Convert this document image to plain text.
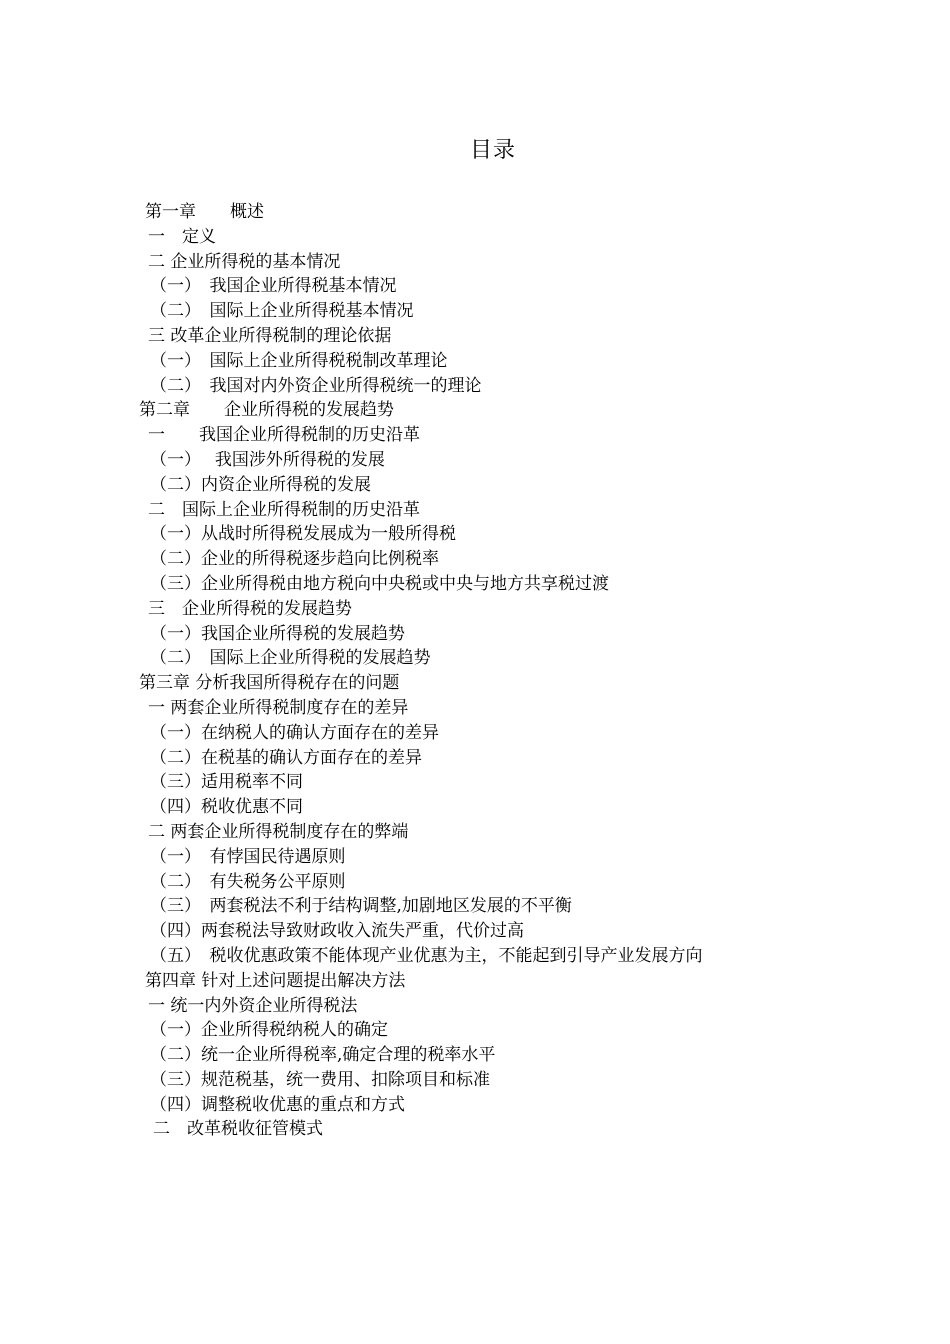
目录
第一章　　概述
一　定义
二 企业所得税的基本情况
（一）　我国企业所得税基本情况
（二）　国际上企业所得税基本情况
三 改革企业所得税制的理论依据
（一）　国际上企业所得税税制改革理论
（二）　我国对内外资企业所得税统一的理论
第二章　　企业所得税的发展趋势
一　　我国企业所得税制的历史沿革
（一）　 我国涉外所得税的发展
（二）内资企业所得税的发展
二　国际上企业所得税制的历史沿革
（一）从战时所得税发展成为一般所得税
（二）企业的所得税逐步趋向比例税率
（三）企业所得税由地方税向中央税或中央与地方共享税过渡
三　企业所得税的发展趋势
（一）我国企业所得税的发展趋势
（二）　国际上企业所得税的发展趋势
第三章 分析我国所得税存在的问题
一 两套企业所得税制度存在的差异
（一）在纳税人的确认方面存在的差异
（二）在税基的确认方面存在的差异
（三）适用税率不同
（四）税收优惠不同
二 两套企业所得税制度存在的弊端
（一）　有悖国民待遇原则
（二）　有失税务公平原则
（三）　两套税法不利于结构调整,加剧地区发展的不平衡
（四）两套税法导致财政收入流失严重，代价过高
（五）　税收优惠政策不能体现产业优惠为主，不能起到引导产业发展方向
第四章 针对上述问题提出解决方法
一 统一内外资企业所得税法
（一）企业所得税纳税人的确定
（二）统一企业所得税率,确定合理的税率水平
（三）规范税基，统一费用、扣除项目和标准
（四）调整税收优惠的重点和方式
二　改革税收征管模式
